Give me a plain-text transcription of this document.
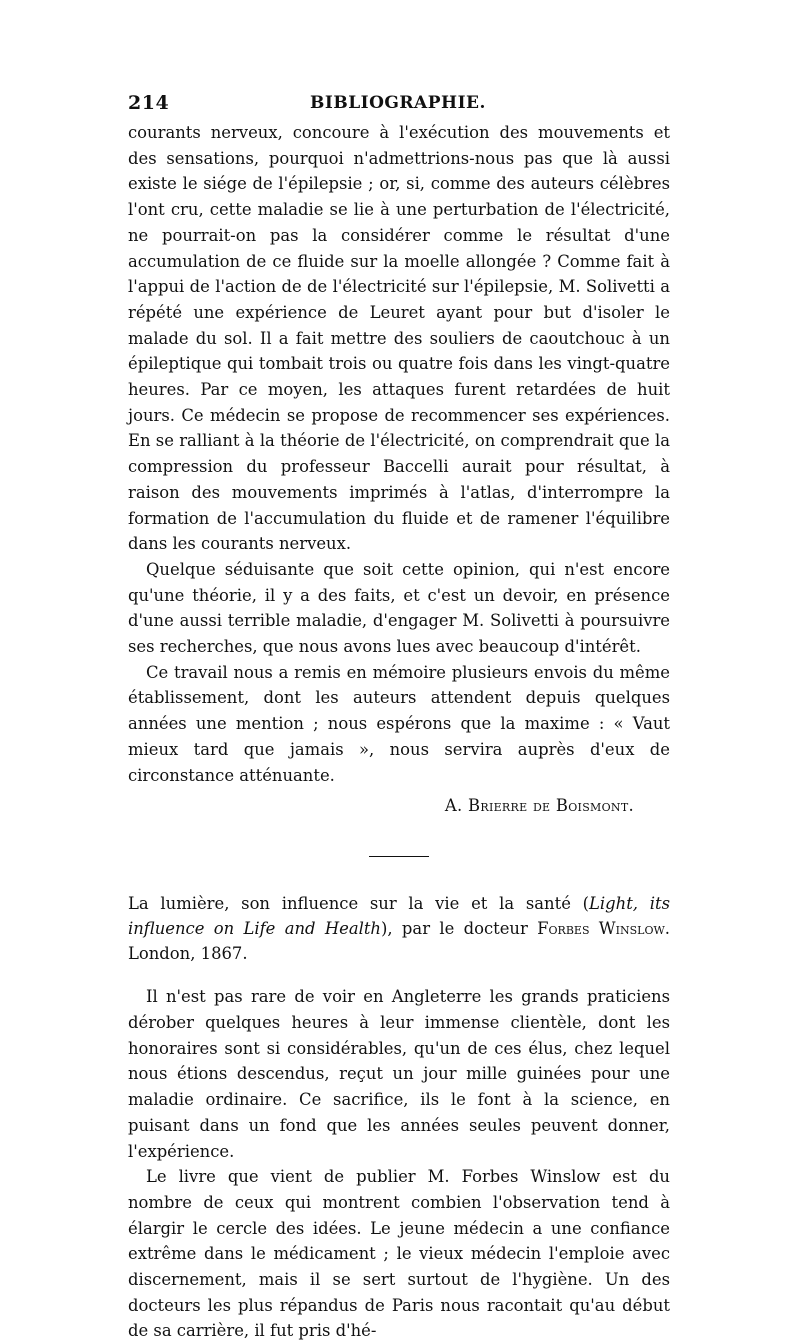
214	BIBLIOGRAPHIE.

courants nerveux, concoure à l'exécution des mouvements et des sensations, pourquoi n'admettrions-nous pas que là aussi existe le siége de l'épilepsie ; or, si, comme des auteurs célèbres l'ont cru, cette maladie se lie à une perturbation de l'électricité, ne pourrait-on pas la considérer comme le résultat d'une accumulation de ce fluide sur la moelle allongée ? Comme fait à l'appui de l'action de de l'électricité sur l'épilepsie, M. Solivetti a répété une expérience de Leuret ayant pour but d'isoler le malade du sol. Il a fait mettre des souliers de caoutchouc à un épileptique qui tombait trois ou quatre fois dans les vingt-quatre heures. Par ce moyen, les attaques furent retardées de huit jours. Ce médecin se propose de recommencer ses expériences. En se ralliant à la théorie de l'électricité, on comprendrait que la compression du professeur Baccelli aurait pour résultat, à raison des mouvements imprimés à l'atlas, d'interrompre la formation de l'accumulation du fluide et de ramener l'équilibre dans les courants nerveux.

Quelque séduisante que soit cette opinion, qui n'est encore qu'une théorie, il y a des faits, et c'est un devoir, en présence d'une aussi terrible maladie, d'engager M. Solivetti à poursuivre ses recherches, que nous avons lues avec beaucoup d'intérêt.

Ce travail nous a remis en mémoire plusieurs envois du même établissement, dont les auteurs attendent depuis quelques années une mention ; nous espérons que la maxime : « Vaut mieux tard que jamais », nous servira auprès d'eux de circonstance atténuante.

A. Brierre de Boismont.

La lumière, son influence sur la vie et la santé (Light, its influence on Life and Health), par le docteur Forbes Winslow. London, 1867.

Il n'est pas rare de voir en Angleterre les grands praticiens dérober quelques heures à leur immense clientèle, dont les honoraires sont si considérables, qu'un de ces élus, chez lequel nous étions descendus, reçut un jour mille guinées pour une maladie ordinaire. Ce sacrifice, ils le font à la science, en puisant dans un fond que les années seules peuvent donner, l'expérience.

Le livre que vient de publier M. Forbes Winslow est du nombre de ceux qui montrent combien l'observation tend à élargir le cercle des idées. Le jeune médecin a une confiance extrême dans le médicament ; le vieux médecin l'emploie avec discernement, mais il se sert surtout de l'hygiène. Un des docteurs les plus répandus de Paris nous racontait qu'au début de sa carrière, il fut pris d'hé-
